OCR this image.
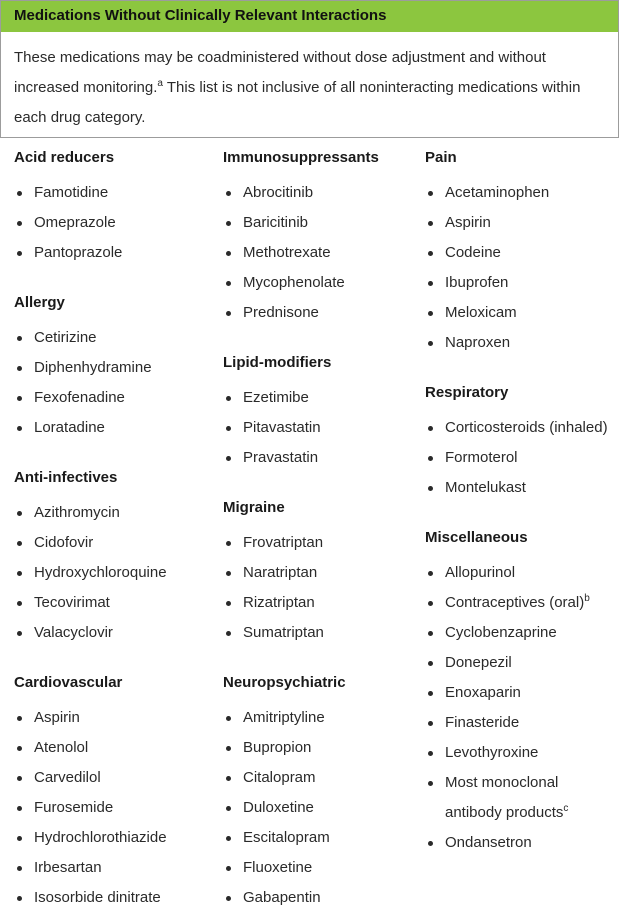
Medications Without Clinically Relevant Interactions
These medications may be coadministered without dose adjustment and without increased monitoring.$^a$ This list is not inclusive of all noninteracting medications within each drug category.
Acid reducers
Famotidine
Omeprazole
Pantoprazole
Allergy
Cetirizine
Diphenhydramine
Fexofenadine
Loratadine
Anti-infectives
Azithromycin
Cidofovir
Hydroxychloroquine
Tecovirimat
Valacyclovir
Cardiovascular
Aspirin
Atenolol
Carvedilol
Furosemide
Hydrochlorothiazide
Irbesartan
Isosorbide dinitrate
Immunosuppressants
Abrocitinib
Baricitinib
Methotrexate
Mycophenolate
Prednisone
Lipid-modifiers
Ezetimibe
Pitavastatin
Pravastatin
Migraine
Frovatriptan
Naratriptan
Rizatriptan
Sumatriptan
Neuropsychiatric
Amitriptyline
Bupropion
Citalopram
Duloxetine
Escitalopram
Fluoxetine
Gabapentin
Pain
Acetaminophen
Aspirin
Codeine
Ibuprofen
Meloxicam
Naproxen
Respiratory
Corticosteroids (inhaled)
Formoterol
Montelukast
Miscellaneous
Allopurinol
Contraceptives (oral)$^b$
Cyclobenzaprine
Donepezil
Enoxaparin
Finasteride
Levothyroxine
Most monoclonal antibody products$^c$
Ondansetron
